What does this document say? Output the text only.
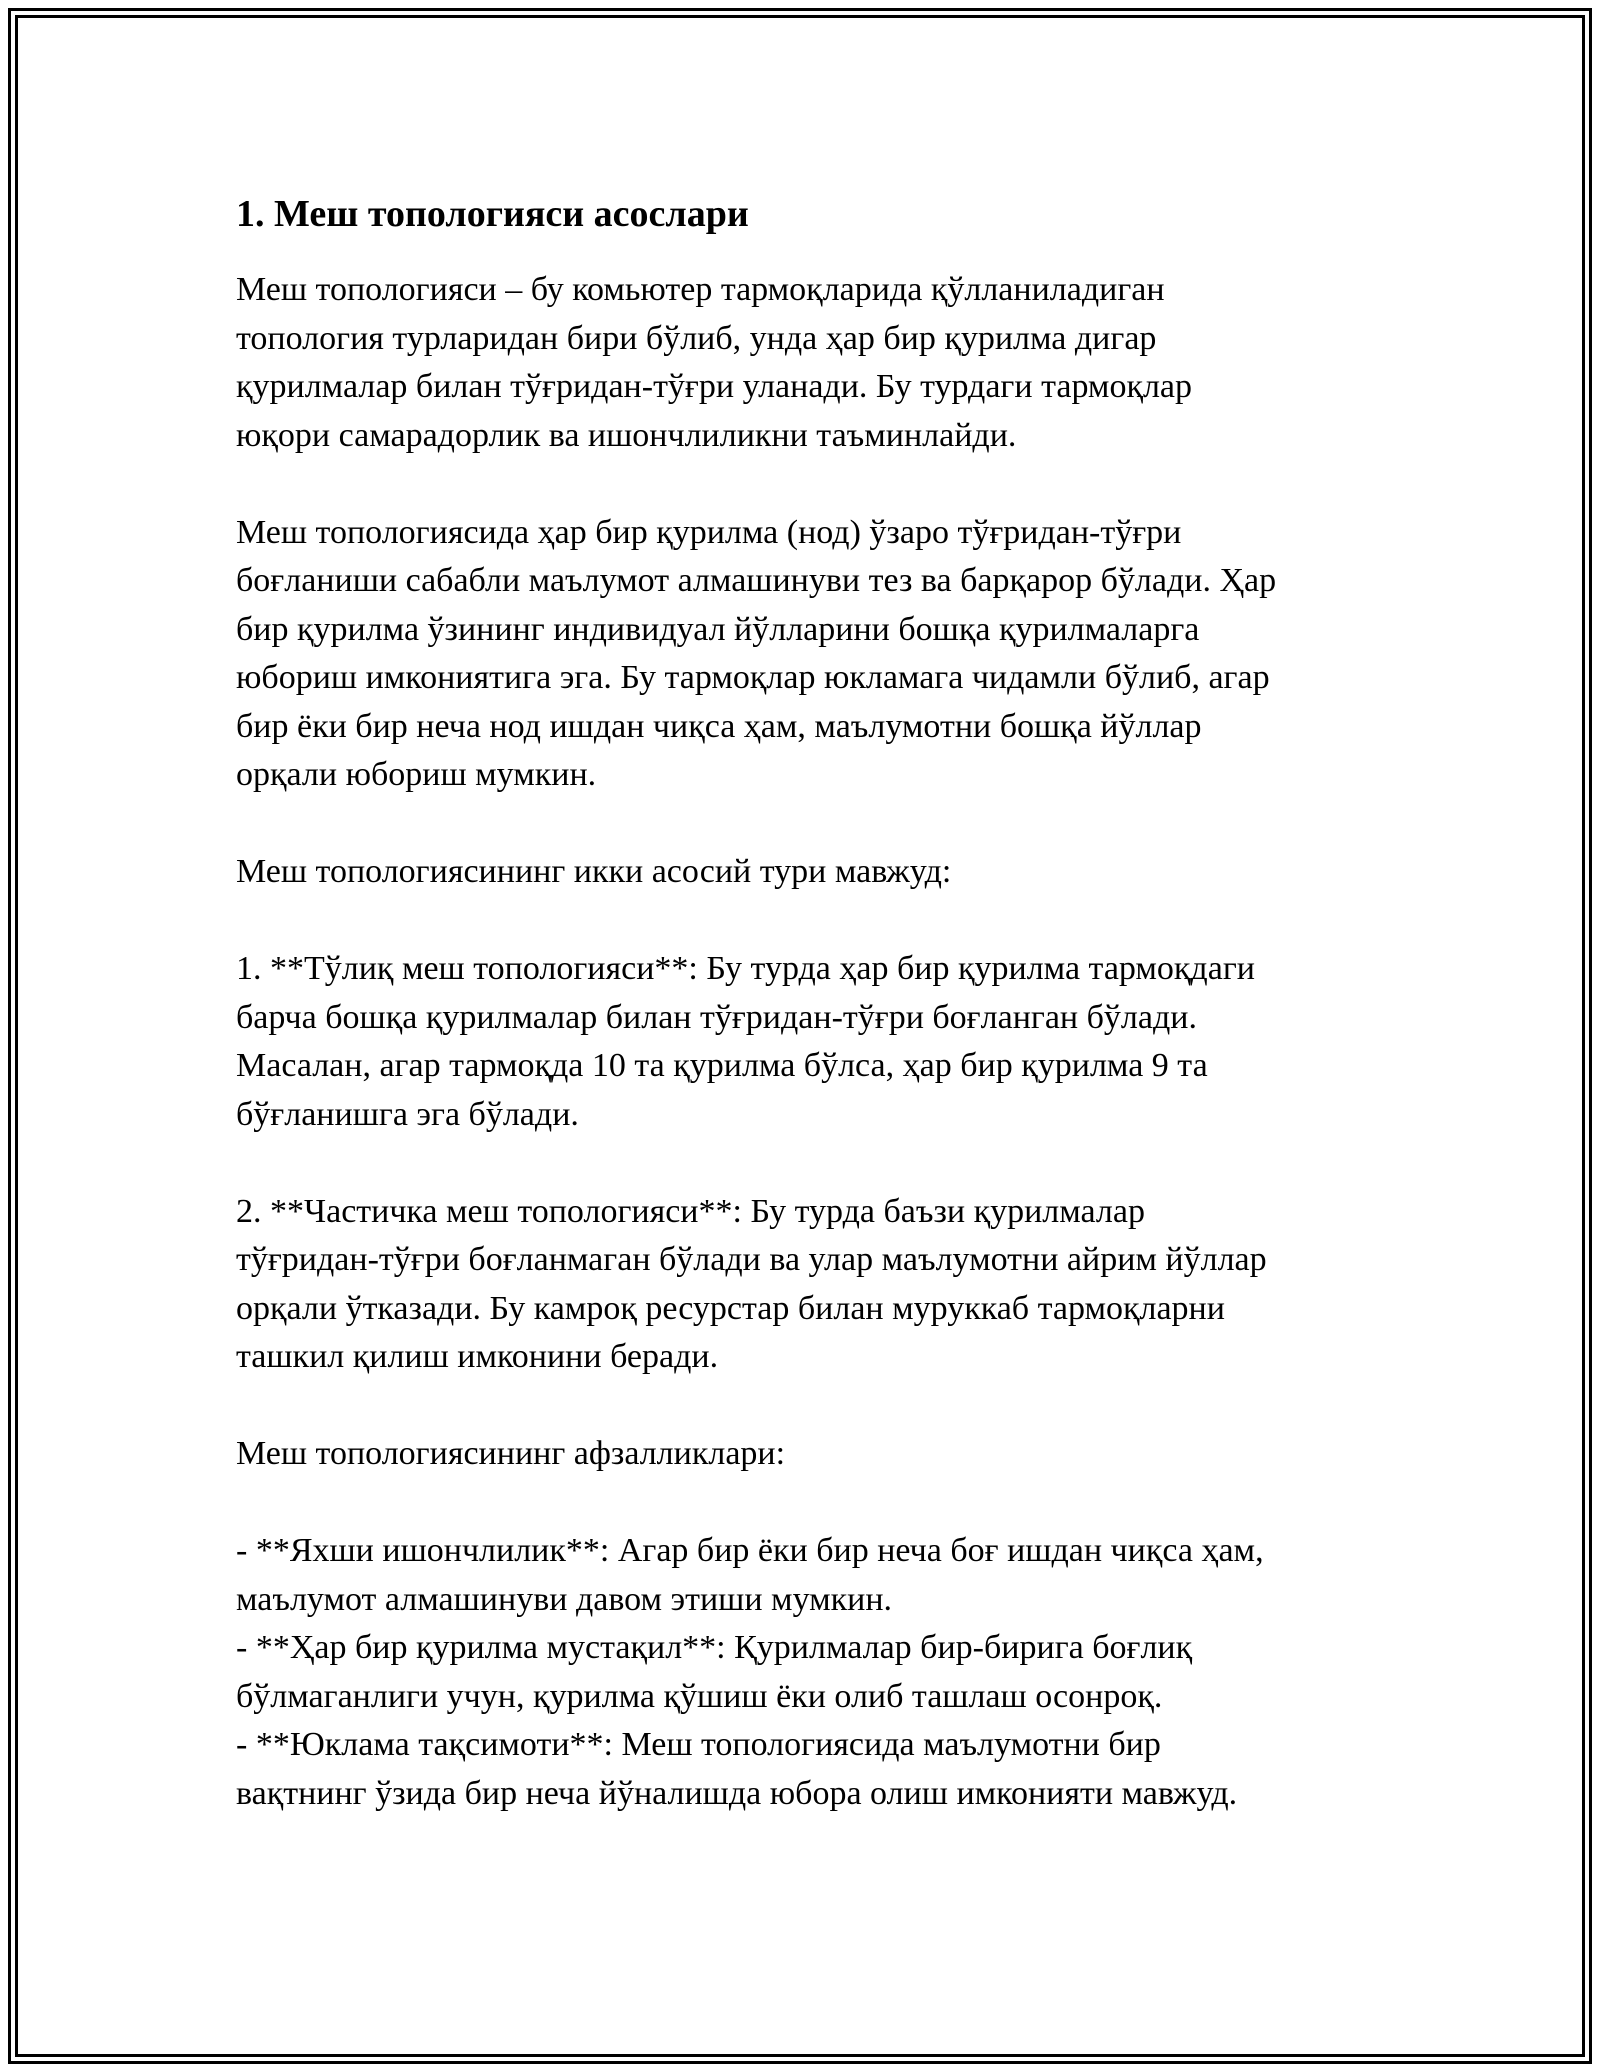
1. Меш топологияси асослари

Меш топологияси – бу комьютер тармоқларида қўлланиладиган
топология турларидан бири бўлиб, унда ҳар бир қурилма дигар
қурилмалар билан тўғридан-тўғри уланади. Бу турдаги тармоқлар
юқори самарадорлик ва ишончлиликни таъминлайди.

Меш топологиясида ҳар бир қурилма (нод) ўзаро тўғридан-тўғри
боғланиши сабабли маълумот алмашинуви тез ва барқарор бўлади. Ҳар
бир қурилма ўзининг индивидуал йўлларини бошқа қурилмаларга
юбориш имкониятига эга. Бу тармоқлар юкламага чидамли бўлиб, агар
бир ёки бир неча нод ишдан чиқса ҳам, маълумотни бошқа йўллар
орқали юбориш мумкин.

Меш топологиясининг икки асосий тури мавжуд:

1. **Тўлиқ меш топологияси**: Бу турда ҳар бир қурилма тармоқдаги
барча бошқа қурилмалар билан тўғридан-тўғри боғланган бўлади.
Масалан, агар тармоқда 10 та қурилма бўлса, ҳар бир қурилма 9 та
бўғланишга эга бўлади.

2. **Частичка меш топологияси**: Бу турда баъзи қурилмалар
тўғридан-тўғри боғланмаган бўлади ва улар маълумотни айрим йўллар
орқали ўтказади. Бу камроқ ресурстар билан муруккаб тармоқларни
ташкил қилиш имконини беради.

Меш топологиясининг афзалликлари:

- **Яхши ишончлилик**: Агар бир ёки бир неча боғ ишдан чиқса ҳам,
маълумот алмашинуви давом этиши мумкин.
- **Ҳар бир қурилма мустақил**: Қурилмалар бир-бирига боғлиқ
бўлмаганлиги учун, қурилма қўшиш ёки олиб ташлаш осонроқ.
- **Юклама тақсимоти**: Меш топологиясида маълумотни бир
вақтнинг ўзида бир неча йўналишда юбора олиш имконияти мавжуд.
